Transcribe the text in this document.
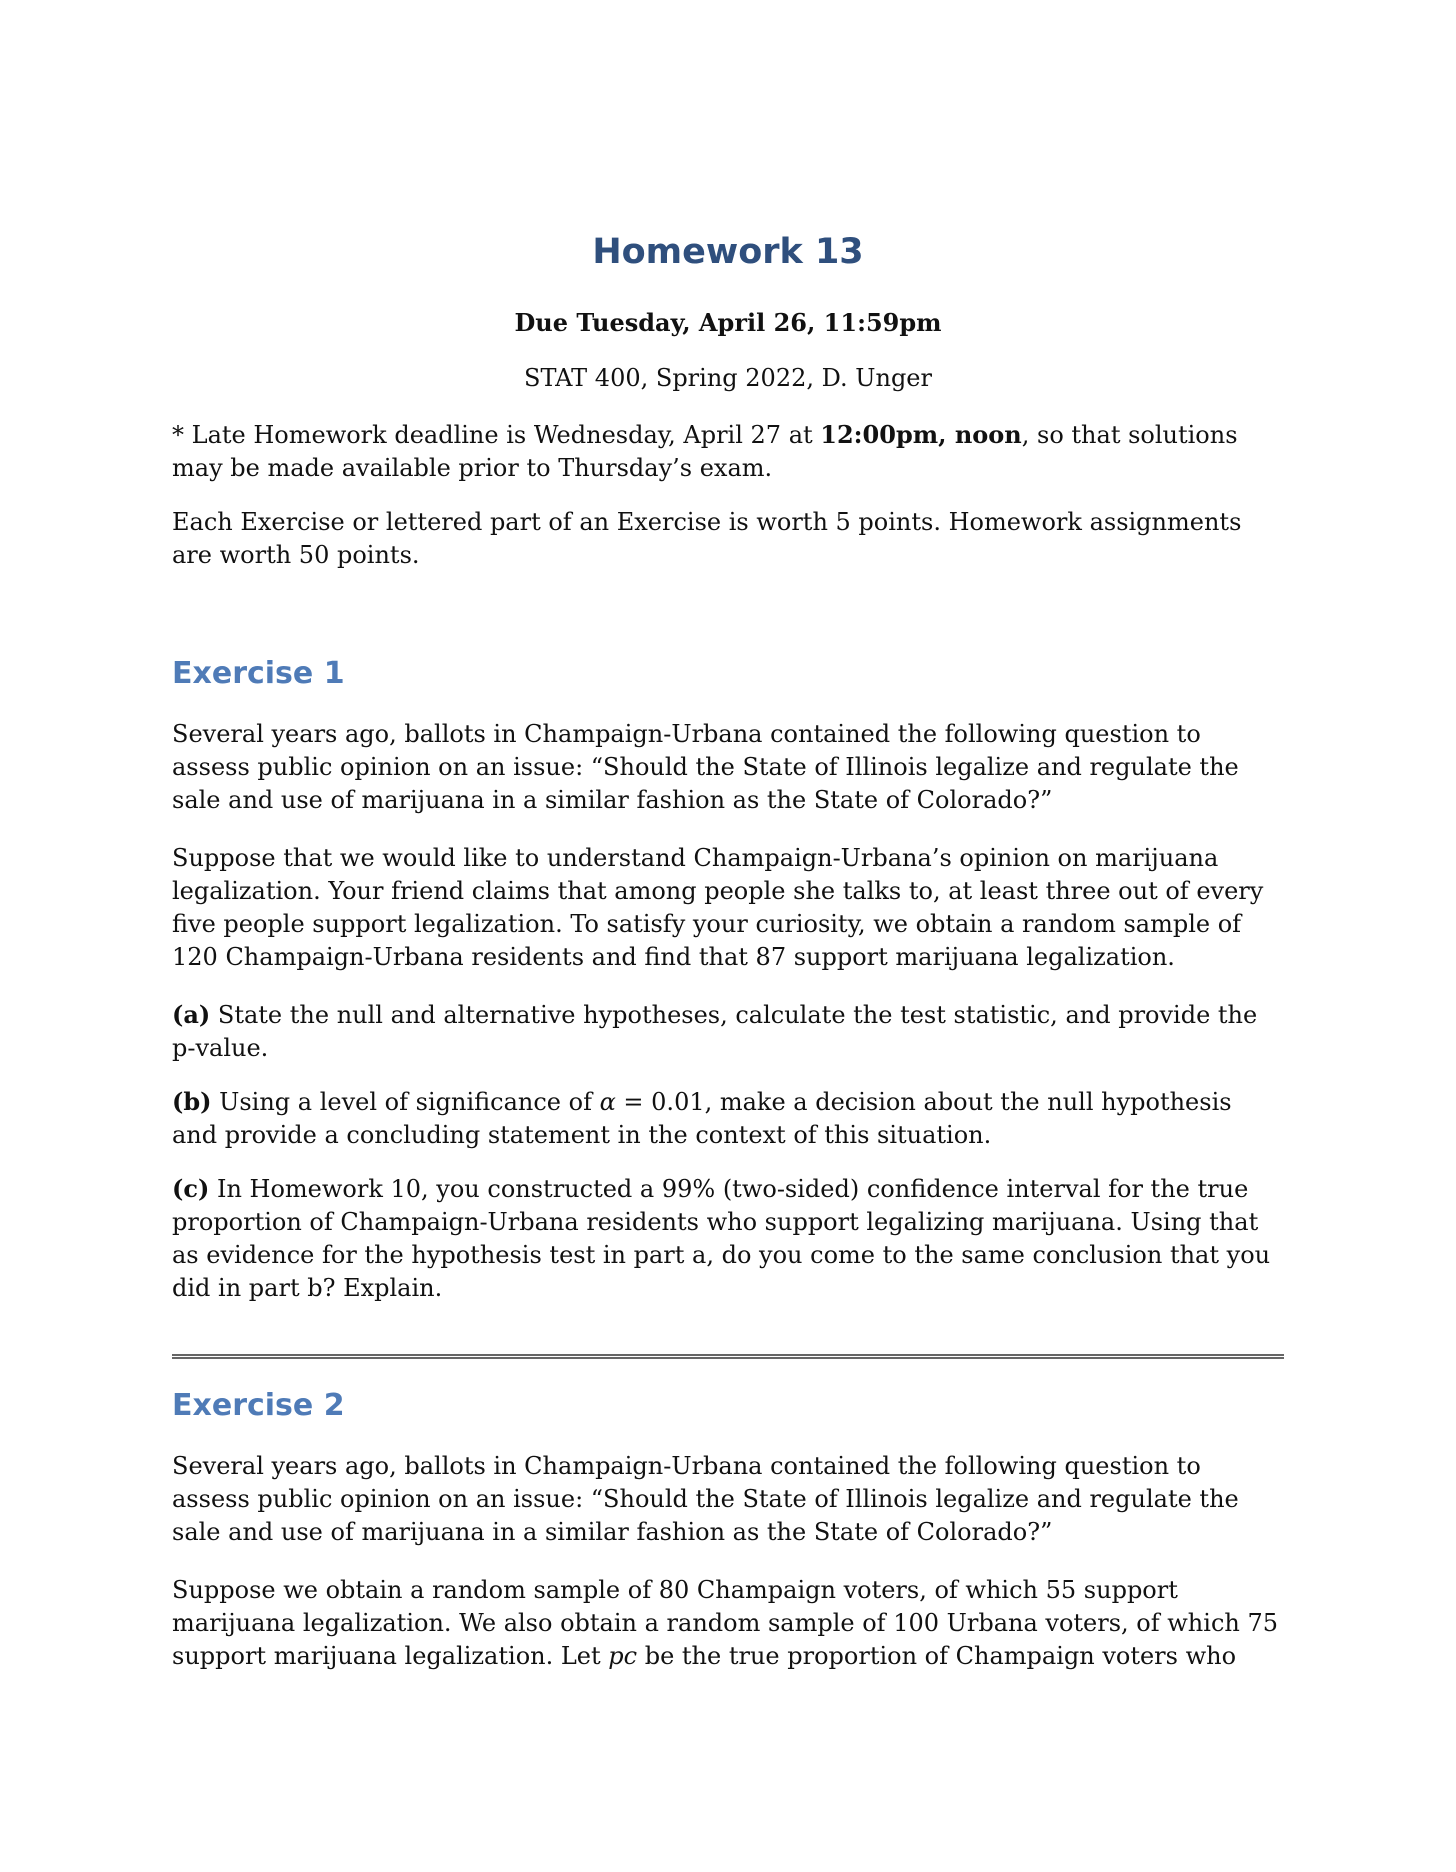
Homework 13

Due Tuesday, April 26, 11:59pm

STAT 400, Spring 2022, D. Unger

* Late Homework deadline is Wednesday, April 27 at 12:00pm, noon, so that solutions may be made available prior to Thursday’s exam.

Each Exercise or lettered part of an Exercise is worth 5 points. Homework assignments are worth 50 points.

Exercise 1

Several years ago, ballots in Champaign-Urbana contained the following question to assess public opinion on an issue: “Should the State of Illinois legalize and regulate the sale and use of marijuana in a similar fashion as the State of Colorado?”

Suppose that we would like to understand Champaign-Urbana’s opinion on marijuana legalization. Your friend claims that among people she talks to, at least three out of every five people support legalization. To satisfy your curiosity, we obtain a random sample of 120 Champaign-Urbana residents and find that 87 support marijuana legalization.

(a) State the null and alternative hypotheses, calculate the test statistic, and provide the p-value.

(b) Using a level of significance of α = 0.01, make a decision about the null hypothesis and provide a concluding statement in the context of this situation.

(c) In Homework 10, you constructed a 99% (two-sided) confidence interval for the true proportion of Champaign-Urbana residents who support legalizing marijuana. Using that as evidence for the hypothesis test in part a, do you come to the same conclusion that you did in part b? Explain.

Exercise 2

Several years ago, ballots in Champaign-Urbana contained the following question to assess public opinion on an issue: “Should the State of Illinois legalize and regulate the sale and use of marijuana in a similar fashion as the State of Colorado?”

Suppose we obtain a random sample of 80 Champaign voters, of which 55 support marijuana legalization. We also obtain a random sample of 100 Urbana voters, of which 75 support marijuana legalization. Let pc be the true proportion of Champaign voters who
